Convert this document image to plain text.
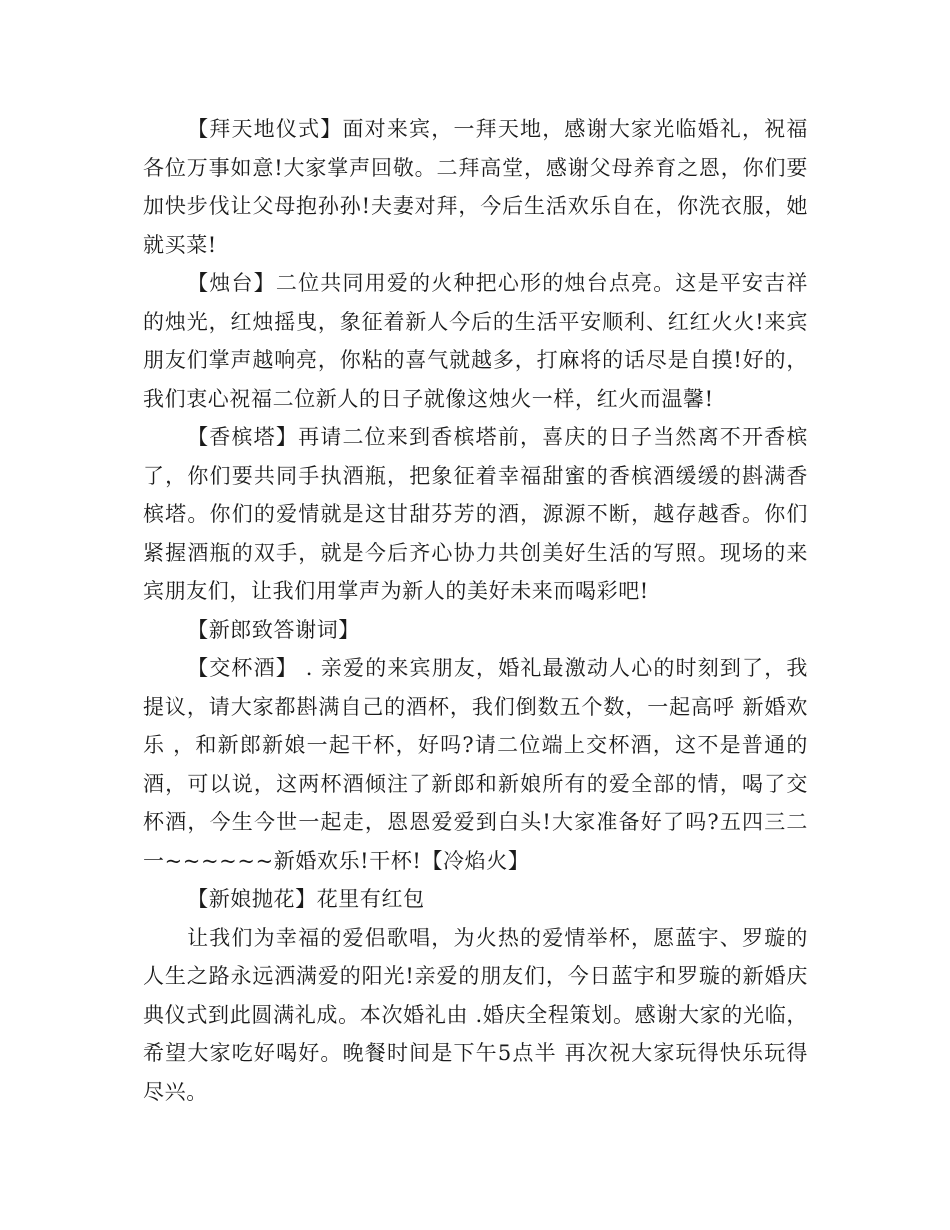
【拜天地仪式】面对来宾，一拜天地，感谢大家光临婚礼，祝福各位万事如意!大家掌声回敬。二拜高堂，感谢父母养育之恩，你们要加快步伐让父母抱孙孙!夫妻对拜，今后生活欢乐自在，你洗衣服，她就买菜!

【烛台】二位共同用爱的火种把心形的烛台点亮。这是平安吉祥的烛光，红烛摇曳，象征着新人今后的生活平安顺利、红红火火!来宾朋友们掌声越响亮，你粘的喜气就越多，打麻将的话尽是自摸!好的，我们衷心祝福二位新人的日子就像这烛火一样，红火而温馨!

【香槟塔】再请二位来到香槟塔前，喜庆的日子当然离不开香槟了，你们要共同手执酒瓶，把象征着幸福甜蜜的香槟酒缓缓的斟满香槟塔。你们的爱情就是这甘甜芬芳的酒，源源不断，越存越香。你们紧握酒瓶的双手，就是今后齐心协力共创美好生活的写照。现场的来宾朋友们，让我们用掌声为新人的美好未来而喝彩吧!

【新郎致答谢词】

【交杯酒】 . 亲爱的来宾朋友，婚礼最激动人心的时刻到了，我提议，请大家都斟满自己的酒杯，我们倒数五个数，一起高呼 新婚欢乐 ，和新郎新娘一起干杯，好吗?请二位端上交杯酒，这不是普通的酒，可以说，这两杯酒倾注了新郎和新娘所有的爱全部的情，喝了交杯酒，今生今世一起走，恩恩爱爱到白头!大家准备好了吗?五四三二一~~~~~~新婚欢乐!干杯!【冷焰火】

【新娘抛花】花里有红包

让我们为幸福的爱侣歌唱，为火热的爱情举杯，愿蓝宇、罗璇的人生之路永远洒满爱的阳光!亲爱的朋友们，今日蓝宇和罗璇的新婚庆典仪式到此圆满礼成。本次婚礼由 .婚庆全程策划。感谢大家的光临，希望大家吃好喝好。晚餐时间是下午5点半 再次祝大家玩得快乐玩得尽兴。
